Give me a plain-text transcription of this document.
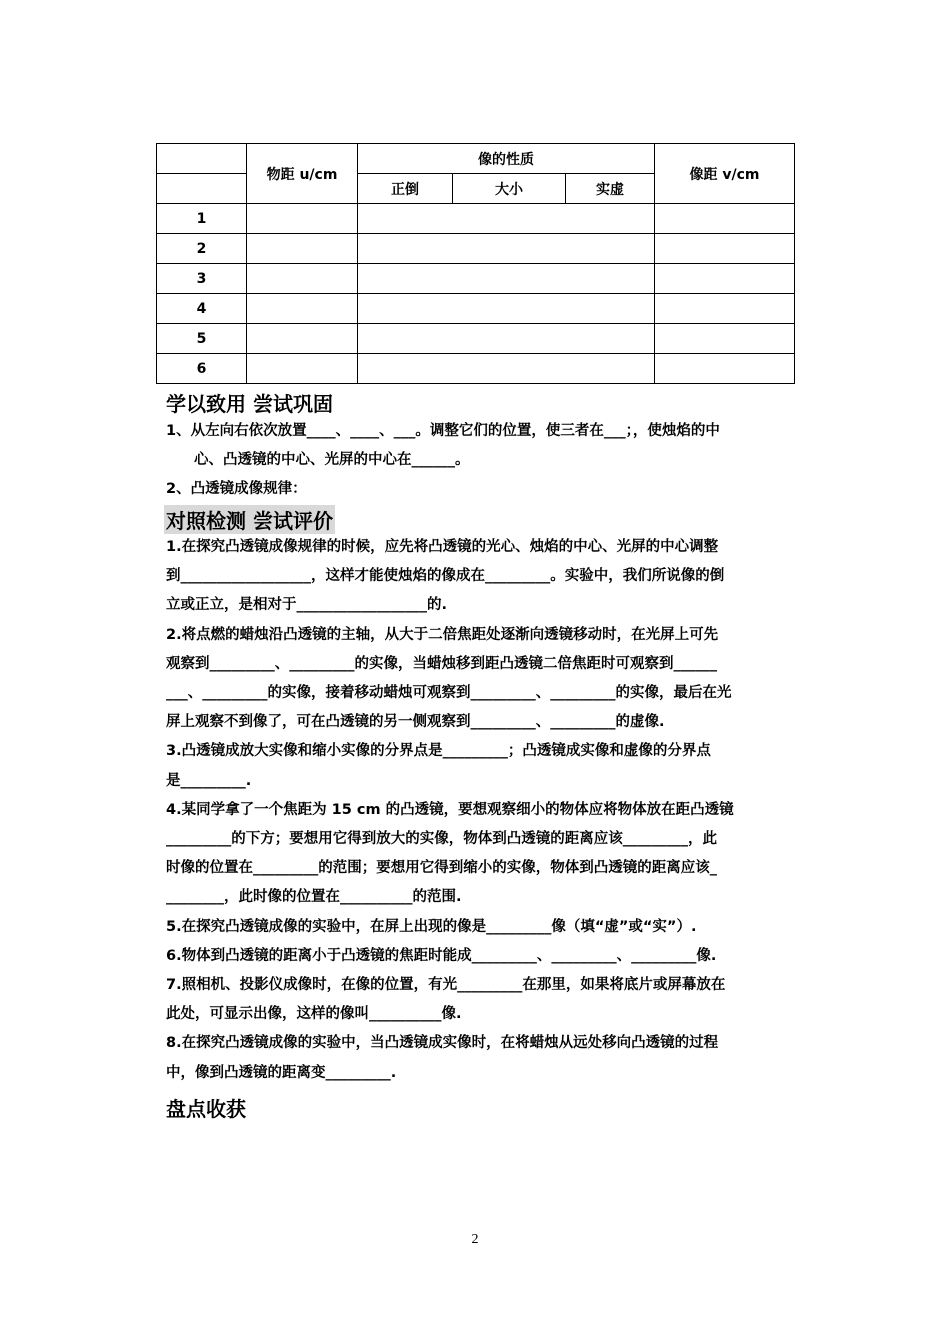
	物距 u/cm	像的性质			像距 v/cm
		正倒	大小	实虚	
1					
2					
3					
4					
5					
6					
学以致用 尝试巩固
1、从左向右依次放置____、____、___。调整它们的位置，使三者在___；，使烛焰的中
心、凸透镜的中心、光屏的中心在______。
2、凸透镜成像规律：
对照检测 尝试评价
1.在探究凸透镜成像规律的时候，应先将凸透镜的光心、烛焰的中心、光屏的中心调整
到__________________，这样才能使烛焰的像成在_________。实验中，我们所说像的倒
立或正立，是相对于__________________的.
2.将点燃的蜡烛沿凸透镜的主轴，从大于二倍焦距处逐渐向透镜移动时，在光屏上可先
观察到_________、_________的实像，当蜡烛移到距凸透镜二倍焦距时可观察到______
___、_________的实像，接着移动蜡烛可观察到_________、_________的实像，最后在光
屏上观察不到像了，可在凸透镜的另一侧观察到_________、_________的虚像.
3.凸透镜成放大实像和缩小实像的分界点是_________；凸透镜成实像和虚像的分界点
是_________.
4.某同学拿了一个焦距为 15 cm 的凸透镜，要想观察细小的物体应将物体放在距凸透镜
_________的下方；要想用它得到放大的实像，物体到凸透镜的距离应该_________，此
时像的位置在_________的范围；要想用它得到缩小的实像，物体到凸透镜的距离应该_
________，此时像的位置在__________的范围.
5.在探究凸透镜成像的实验中，在屏上出现的像是_________像（填“虚”或“实”）.
6.物体到凸透镜的距离小于凸透镜的焦距时能成_________、_________、_________像.
7.照相机、投影仪成像时，在像的位置，有光_________在那里，如果将底片或屏幕放在
此处，可显示出像，这样的像叫__________像.
8.在探究凸透镜成像的实验中，当凸透镜成实像时，在将蜡烛从远处移向凸透镜的过程
中，像到凸透镜的距离变_________.
盘点收获
2
